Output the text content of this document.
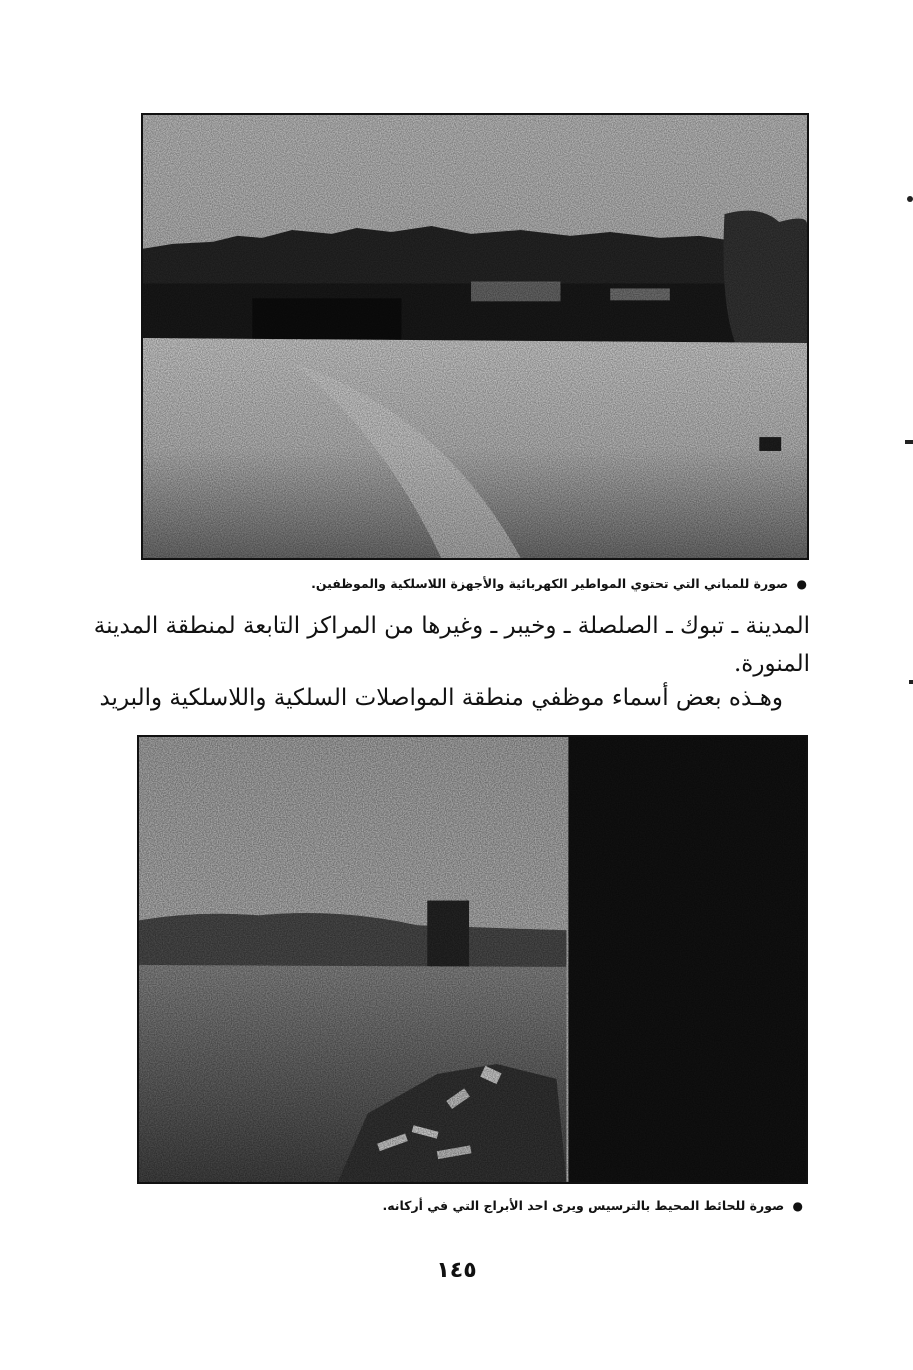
● صورة للمباني التي تحتوي المواطير الكهربائية والأجهزة اللاسلكية والموظفين.
المدينة ـ تبوك ـ الصلصلة ـ وخيبر ـ وغيرها من المراكز التابعة لمنطقة المدينة
المنورة.
وهـذه بعض أسماء موظفي منطقة المواصلات السلكية واللاسلكية والبريد
● صورة للحائط المحيط بالترسيس ويرى احد الأبراج التي في أركانه.
١٤٥
